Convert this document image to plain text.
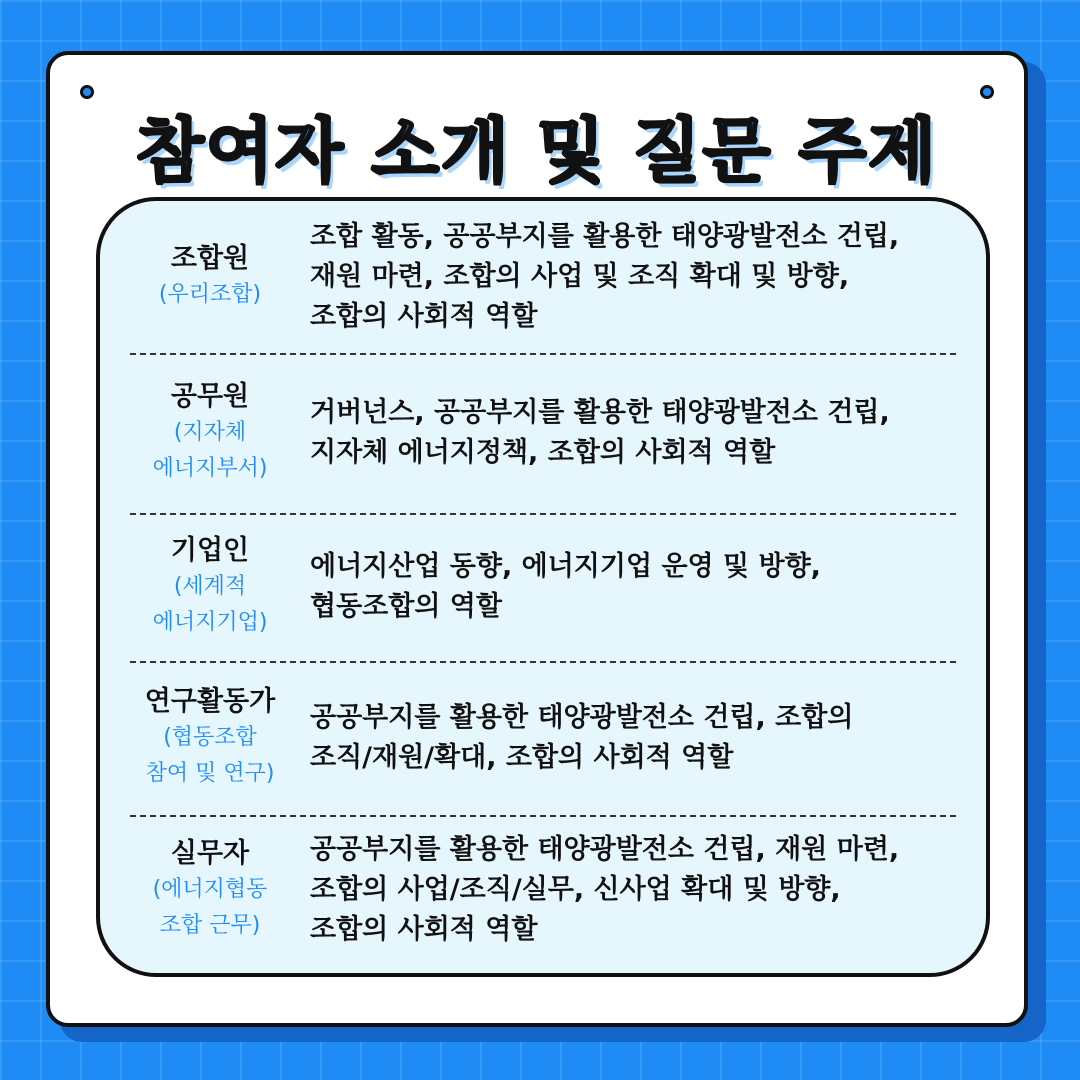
참여자 소개 및 질문 주제
조합원
(우리조합)
조합 활동, 공공부지를 활용한 태양광발전소 건립,
재원 마련, 조합의 사업 및 조직 확대 및 방향,
조합의 사회적 역할
공무원
(지자체
에너지부서)
거버넌스, 공공부지를 활용한 태양광발전소 건립,
지자체 에너지정책, 조합의 사회적 역할
기업인
(세계적
에너지기업)
에너지산업 동향, 에너지기업 운영 및 방향,
협동조합의 역할
연구활동가
(협동조합
참여 및 연구)
공공부지를 활용한 태양광발전소 건립, 조합의
조직/재원/확대, 조합의 사회적 역할
실무자
(에너지협동
조합 근무)
공공부지를 활용한 태양광발전소 건립, 재원 마련,
조합의 사업/조직/실무, 신사업 확대 및 방향,
조합의 사회적 역할
